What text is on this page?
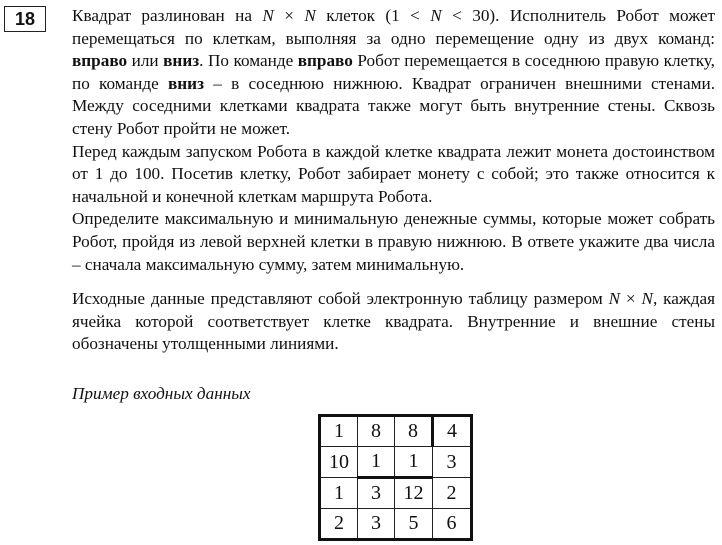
18 Квадрат разлинован на N × N клеток (1 < N < 30). Исполнитель Робот может перемещаться по клеткам, выполняя за одно перемещение одну из двух команд: вправо или вниз. По команде вправо Робот перемещается в соседнюю правую клетку, по команде вниз – в соседнюю нижнюю. Квадрат ограничен внешними стенами. Между соседними клетками квадрата также могут быть внутренние стены. Сквозь стену Робот пройти не может.

Перед каждым запуском Робота в каждой клетке квадрата лежит монета достоинством от 1 до 100. Посетив клетку, Робот забирает монету с собой; это также относится к начальной и конечной клеткам маршрута Робота.

Определите максимальную и минимальную денежные суммы, которые может собрать Робот, пройдя из левой верхней клетки в правую нижнюю. В ответе укажите два числа – сначала максимальную сумму, затем минимальную.

Исходные данные представляют собой электронную таблицу размером N × N, каждая ячейка которой соответствует клетке квадрата. Внутренние и внешние стены обозначены утолщенными линиями.

Пример входных данных
1	8	8	4
10	1	1	3
1	3	12	2
2	3	5	6
